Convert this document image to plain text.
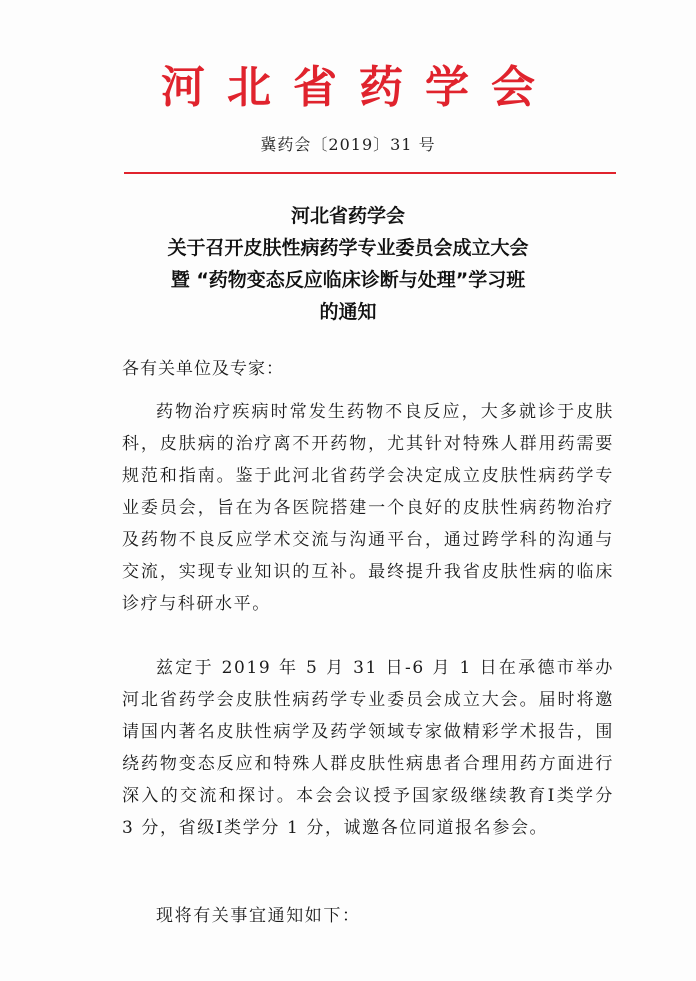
河北省药学会
冀药会〔2019〕31 号
河北省药学会
关于召开皮肤性病药学专业委员会成立大会
暨 “药物变态反应临床诊断与处理”学习班
的通知
各有关单位及专家：

药物治疗疾病时常发生药物不良反应，大多就诊于皮肤科，皮肤病的治疗离不开药物，尤其针对特殊人群用药需要规范和指南。鉴于此河北省药学会决定成立皮肤性病药学专业委员会，旨在为各医院搭建一个良好的皮肤性病药物治疗及药物不良反应学术交流与沟通平台，通过跨学科的沟通与交流，实现专业知识的互补。最终提升我省皮肤性病的临床诊疗与科研水平。

兹定于 2019 年 5 月 31 日-6 月 1 日在承德市举办河北省药学会皮肤性病药学专业委员会成立大会。届时将邀请国内著名皮肤性病学及药学领域专家做精彩学术报告，围绕药物变态反应和特殊人群皮肤性病患者合理用药方面进行深入的交流和探讨。本会会议授予国家级继续教育Ⅰ类学分 3 分，省级Ⅰ类学分 1 分，诚邀各位同道报名参会。

现将有关事宜通知如下：
